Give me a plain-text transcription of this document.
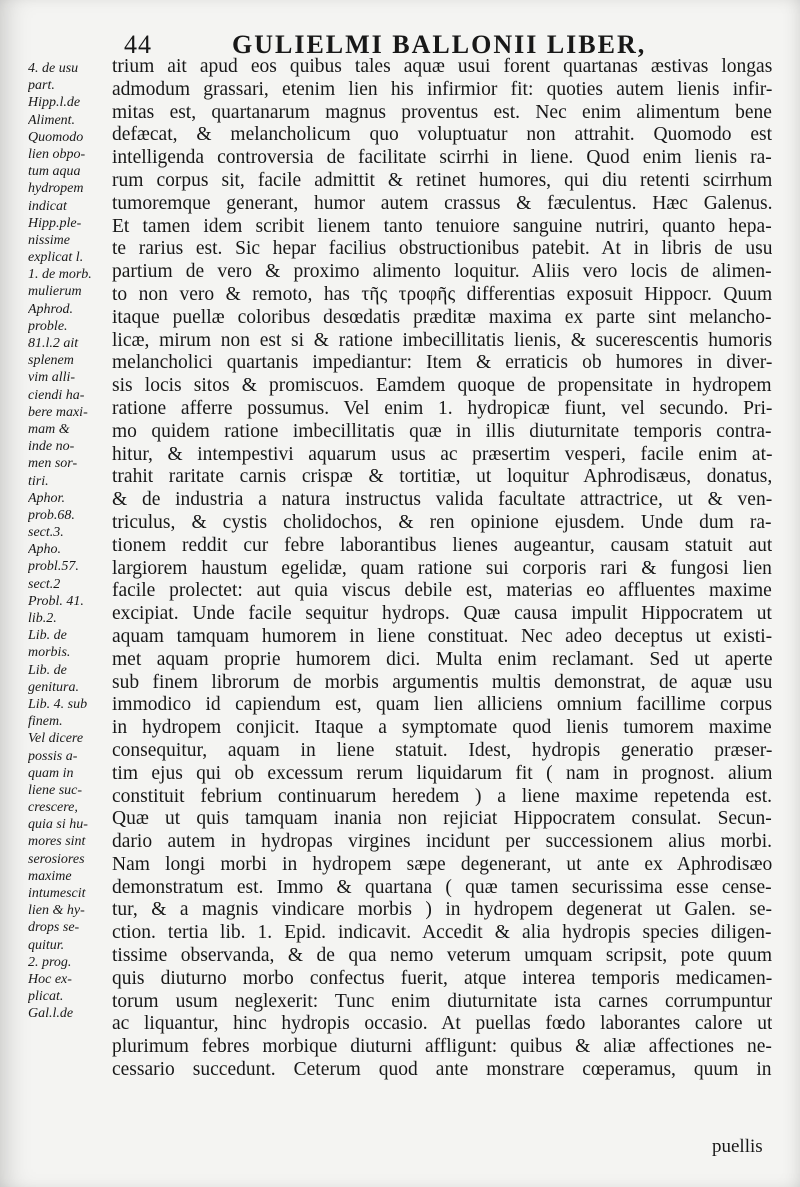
44	GULIELMI BALLONII LIBER,
4. de usu
part.
Hipp.l.de
Aliment.
Quomodo
lien obpo-
tum aqua
hydropem
indicat
Hipp.ple-
nissime
explicat l.
1. de morb.
mulierum
Aphrod.
proble.
81.l.2 ait
splenem
vim alli-
ciendi ha-
bere maxi-
mam &
inde no-
men sor-
tiri.
Aphor.
prob.68.
sect.3.
Apho.
probl.57.
sect.2
Probl. 41.
lib.2.
Lib. de
morbis.
Lib. de
genitura.
Lib. 4. sub
finem.
Vel dicere
possis a-
quam in
liene suc-
crescere,
quia si hu-
mores sint
serosiores
maxime
intumescit
lien & hy-
drops se-
quitur.
2. prog.
Hoc ex-
plicat.
Gal.l.de
trium ait apud eos quibus tales aquæ usui forent quartanas æstivas longas
admodum grassari, etenim lien his infirmior fit: quoties autem lienis infir-
mitas est, quartanarum magnus proventus est. Nec enim alimentum bene
defæcat, & melancholicum quo voluptuatur non attrahit. Quomodo est
intelligenda controversia de facilitate scirrhi in liene. Quod enim lienis ra-
rum corpus sit, facile admittit & retinet humores, qui diu retenti scirrhum
tumoremque generant, humor autem crassus & fæculentus. Hæc Galenus.
Et tamen idem scribit lienem tanto tenuiore sanguine nutriri, quanto hepa-
te rarius est. Sic hepar facilius obstructionibus patebit. At in libris de usu
partium de vero & proximo alimento loquitur. Aliis vero locis de alimen-
to non vero & remoto, has τῆς τροφῆς differentias exposuit Hippocr. Quum
itaque puellæ coloribus desœdatis præditæ maxima ex parte sint melancho-
licæ, mirum non est si & ratione imbecillitatis lienis, & sucerescentis humoris
melancholici quartanis impediantur: Item & erraticis ob humores in diver-
sis locis sitos & promiscuos. Eamdem quoque de propensitate in hydropem
ratione afferre possumus. Vel enim 1. hydropicæ fiunt, vel secundo. Pri-
mo quidem ratione imbecillitatis quæ in illis diuturnitate temporis contra-
hitur, & intempestivi aquarum usus ac præsertim vesperi, facile enim at-
trahit raritate carnis crispæ & tortitiæ, ut loquitur Aphrodisæus, donatus,
& de industria a natura instructus valida facultate attractrice, ut & ven-
triculus, & cystis cholidochos, & ren opinione ejusdem. Unde dum ra-
tionem reddit cur febre laborantibus lienes augeantur, causam statuit aut
largiorem haustum egelidæ, quam ratione sui corporis rari & fungosi lien
facile prolectet: aut quia viscus debile est, materias eo affluentes maxime
excipiat. Unde facile sequitur hydrops. Quæ causa impulit Hippocratem ut
aquam tamquam humorem in liene constituat. Nec adeo deceptus ut existi-
met aquam proprie humorem dici. Multa enim reclamant. Sed ut aperte
sub finem librorum de morbis argumentis multis demonstrat, de aquæ usu
immodico id capiendum est, quam lien alliciens omnium facillime corpus
in hydropem conjicit. Itaque a symptomate quod lienis tumorem maxime
consequitur, aquam in liene statuit. Idest, hydropis generatio præser-
tim ejus qui ob excessum rerum liquidarum fit ( nam in prognost. alium
constituit febrium continuarum heredem ) a liene maxime repetenda est.
Quæ ut quis tamquam inania non rejiciat Hippocratem consulat. Secun-
dario autem in hydropas virgines incidunt per successionem alius morbi.
Nam longi morbi in hydropem sæpe degenerant, ut ante ex Aphrodisæo
demonstratum est. Immo & quartana ( quæ tamen securissima esse cense-
tur, & a magnis vindicare morbis ) in hydropem degenerat ut Galen. se-
ction. tertia lib. 1. Epid. indicavit. Accedit & alia hydropis species diligen-
tissime observanda, & de qua nemo veterum umquam scripsit, pote quum
quis diuturno morbo confectus fuerit, atque interea temporis medicamen-
torum usum neglexerit: Tunc enim diuturnitate ista carnes corrumpuntur
ac liquantur, hinc hydropis occasio. At puellas fœdo laborantes calore ut
plurimum febres morbique diuturni affligunt: quibus & aliæ affectiones ne-
cessario succedunt. Ceterum quod ante monstrare cœperamus, quum in
puellis
